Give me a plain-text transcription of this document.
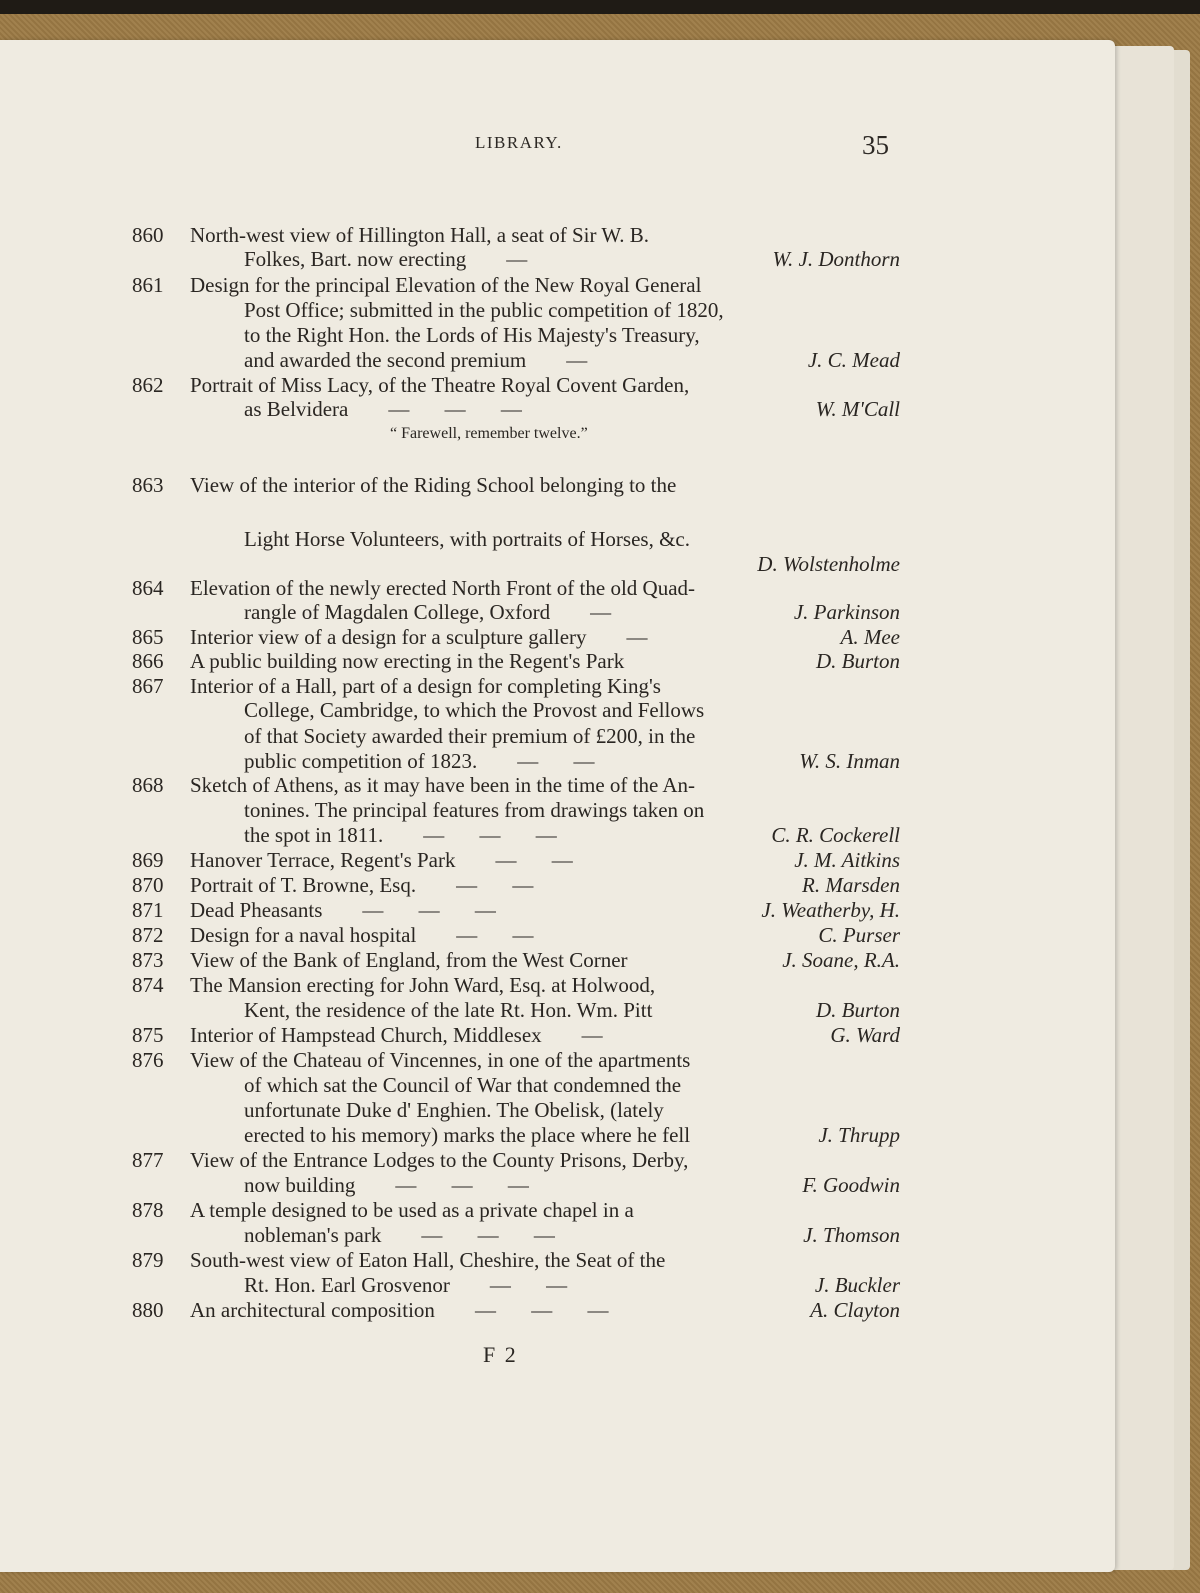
LIBRARY.	35
F 2
860 North-west view of Hillington Hall, a seat of Sir W. B.
Folkes, Bart. now erecting —	W. J. Donthorn
861 Design for the principal Elevation of the New Royal General
Post Office; submitted in the public competition of 1820,
to the Right Hon. the Lords of His Majesty's Treasury,
and awarded the second premium —	J. C. Mead
862 Portrait of Miss Lacy, of the Theatre Royal Covent Garden,
as Belvidera — — —	W. M'Call
“ Farewell, remember twelve.”
863 View of the interior of the Riding School belonging to the
Light Horse Volunteers, with portraits of Horses, &c.
D. Wolstenholme
864 Elevation of the newly erected North Front of the old Quad-
rangle of Magdalen College, Oxford —	J. Parkinson
865 Interior view of a design for a sculpture gallery —	A. Mee
866 A public building now erecting in the Regent's Park	D. Burton
867 Interior of a Hall, part of a design for completing King's
College, Cambridge, to which the Provost and Fellows
of that Society awarded their premium of £200, in the
public competition of 1823. — —	W. S. Inman
868 Sketch of Athens, as it may have been in the time of the An-
tonines. The principal features from drawings taken on
the spot in 1811. — — —	C. R. Cockerell
869 Hanover Terrace, Regent's Park — —	J. M. Aitkins
870 Portrait of T. Browne, Esq. — —	R. Marsden
871 Dead Pheasants — — —	J. Weatherby, H.
872 Design for a naval hospital — —	C. Purser
873 View of the Bank of England, from the West Corner	J. Soane, R.A.
874 The Mansion erecting for John Ward, Esq. at Holwood,
Kent, the residence of the late Rt. Hon. Wm. Pitt	D. Burton
875 Interior of Hampstead Church, Middlesex —	G. Ward
876 View of the Chateau of Vincennes, in one of the apartments
of which sat the Council of War that condemned the
unfortunate Duke d' Enghien. The Obelisk, (lately
erected to his memory) marks the place where he fell	J. Thrupp
877 View of the Entrance Lodges to the County Prisons, Derby,
now building — — —	F. Goodwin
878 A temple designed to be used as a private chapel in a
nobleman's park — — —	J. Thomson
879 South-west view of Eaton Hall, Cheshire, the Seat of the
Rt. Hon. Earl Grosvenor — —	J. Buckler
880 An architectural composition — — —	A. Clayton
